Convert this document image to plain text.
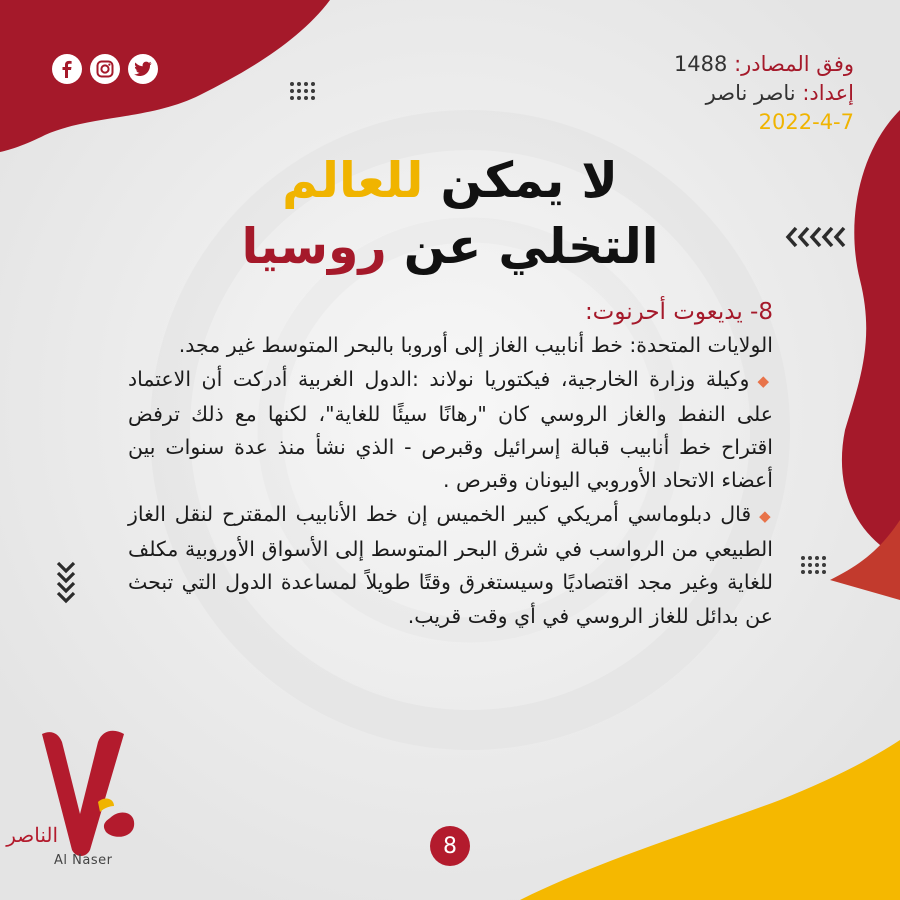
وفق المصادر: 1488
إعداد: ناصر ناصر
2022-4-7
لا يمكن للعالم
التخلي عن روسيا

8- يديعوت أحرنوت:

الولايات المتحدة: خط أنابيب الغاز إلى أوروبا بالبحر المتوسط غير مجد.

◆وكيلة وزارة الخارجية، فيكتوريا نولاند :الدول الغربية أدركت أن الاعتماد على النفط والغاز الروسي كان "رهانًا سيئًا للغاية"، لكنها مع ذلك ترفض اقتراح خط أنابيب قبالة إسرائيل وقبرص - الذي نشأ منذ عدة سنوات بين أعضاء الاتحاد الأوروبي اليونان وقبرص .

◆قال دبلوماسي أمريكي كبير الخميس إن خط الأنابيب المقترح لنقل الغاز الطبيعي من الرواسب في شرق البحر المتوسط إلى الأسواق الأوروبية مكلف للغاية وغير مجد اقتصاديًا وسيستغرق وقتًا طويلاً لمساعدة الدول التي تبحث عن بدائل للغاز الروسي في أي وقت قريب.

الناصر
Al Naser
8
